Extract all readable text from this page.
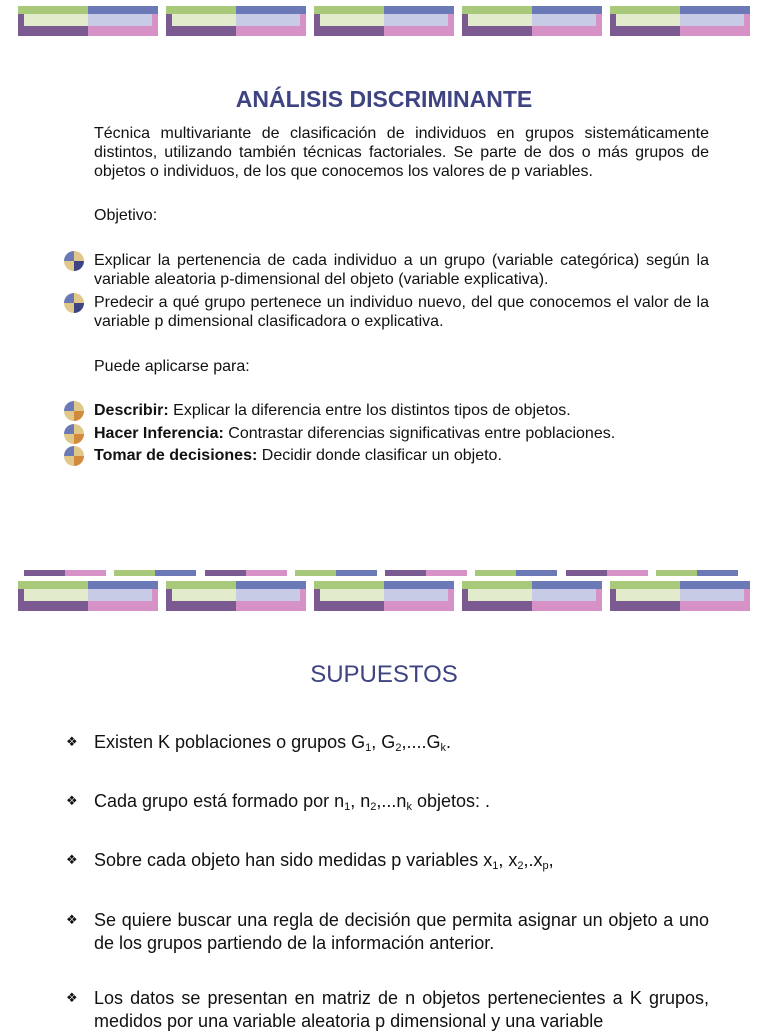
ANÁLISIS DISCRIMINANTE

Técnica multivariante de clasificación de individuos en grupos sistemáticamente distintos, utilizando también técnicas factoriales. Se parte de dos o más grupos de objetos o individuos, de los que conocemos los valores de p variables.

Objetivo:

Explicar la pertenencia de cada individuo a un grupo (variable categórica) según la variable aleatoria p-dimensional del objeto (variable explicativa).
Predecir a qué grupo pertenece un individuo nuevo, del que conocemos el valor de la variable p dimensional clasificadora o explicativa.

Puede aplicarse para:

Describir: Explicar la diferencia entre los distintos tipos de objetos.
Hacer Inferencia: Contrastar diferencias significativas entre poblaciones.
Tomar de decisiones: Decidir donde clasificar un objeto.
SUPUESTOS
❖ Existen K poblaciones o grupos $G_1$, $G_2,....G_k$.
❖ Cada grupo está formado por $n_1$, $n_2,...n_k$ objetos: .
❖ Sobre cada objeto han sido medidas p variables $x_1$, $x_2,.x_p$,
❖ Se quiere buscar una regla de decisión que permita asignar un objeto a uno de los grupos partiendo de la información anterior.
❖ Los datos se presentan en matriz de n objetos pertenecientes a K grupos, medidos por una variable aleatoria p dimensional y una variable
